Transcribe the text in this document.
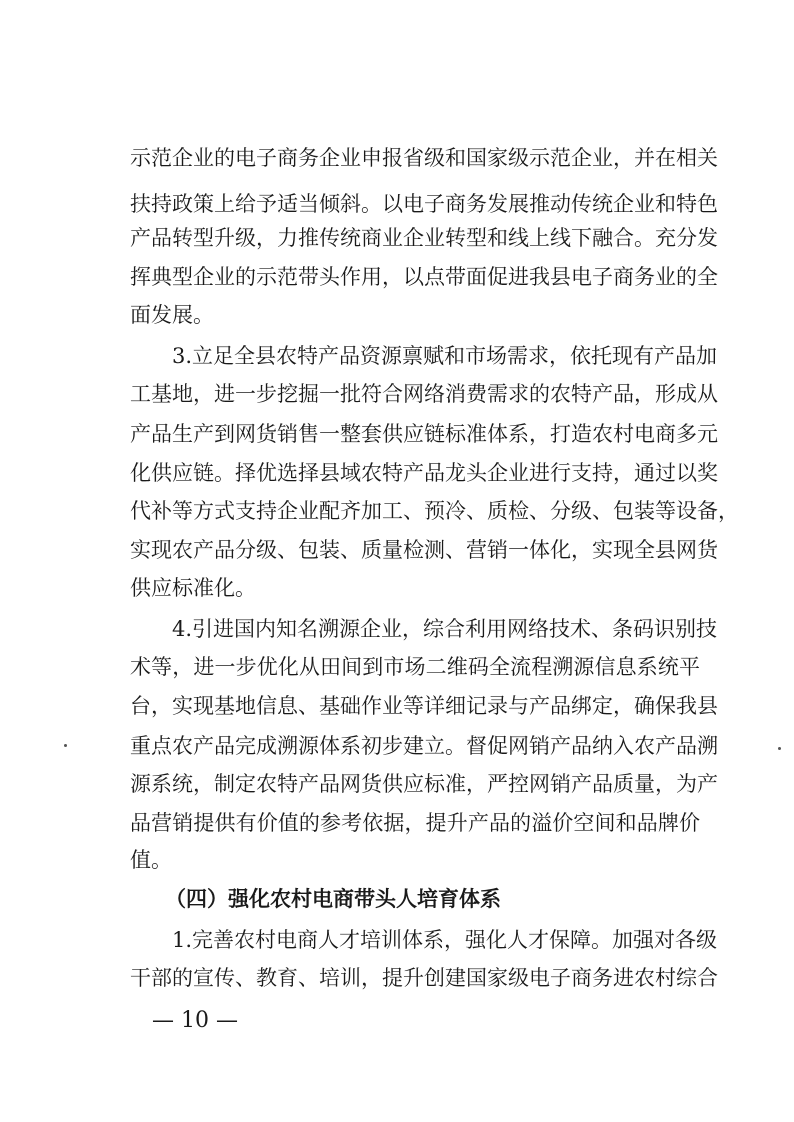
示范企业的电子商务企业申报省级和国家级示范企业，并在相关
扶持政策上给予适当倾斜。以电子商务发展推动传统企业和特色
产品转型升级，力推传统商业企业转型和线上线下融合。充分发
挥典型企业的示范带头作用，以点带面促进我县电子商务业的全
面发展。
3.立足全县农特产品资源禀赋和市场需求，依托现有产品加
工基地，进一步挖掘一批符合网络消费需求的农特产品，形成从
产品生产到网货销售一整套供应链标准体系，打造农村电商多元
化供应链。择优选择县域农特产品龙头企业进行支持，通过以奖
代补等方式支持企业配齐加工、预冷、质检、分级、包装等设备，
实现农产品分级、包装、质量检测、营销一体化，实现全县网货
供应标准化。
4.引进国内知名溯源企业，综合利用网络技术、条码识别技
术等，进一步优化从田间到市场二维码全流程溯源信息系统平
台，实现基地信息、基础作业等详细记录与产品绑定，确保我县
重点农产品完成溯源体系初步建立。督促网销产品纳入农产品溯
源系统，制定农特产品网货供应标准，严控网销产品质量，为产
品营销提供有价值的参考依据，提升产品的溢价空间和品牌价
值。
（四）强化农村电商带头人培育体系
1.完善农村电商人才培训体系，强化人才保障。加强对各级
干部的宣传、教育、培训，提升创建国家级电子商务进农村综合
— 10 —
